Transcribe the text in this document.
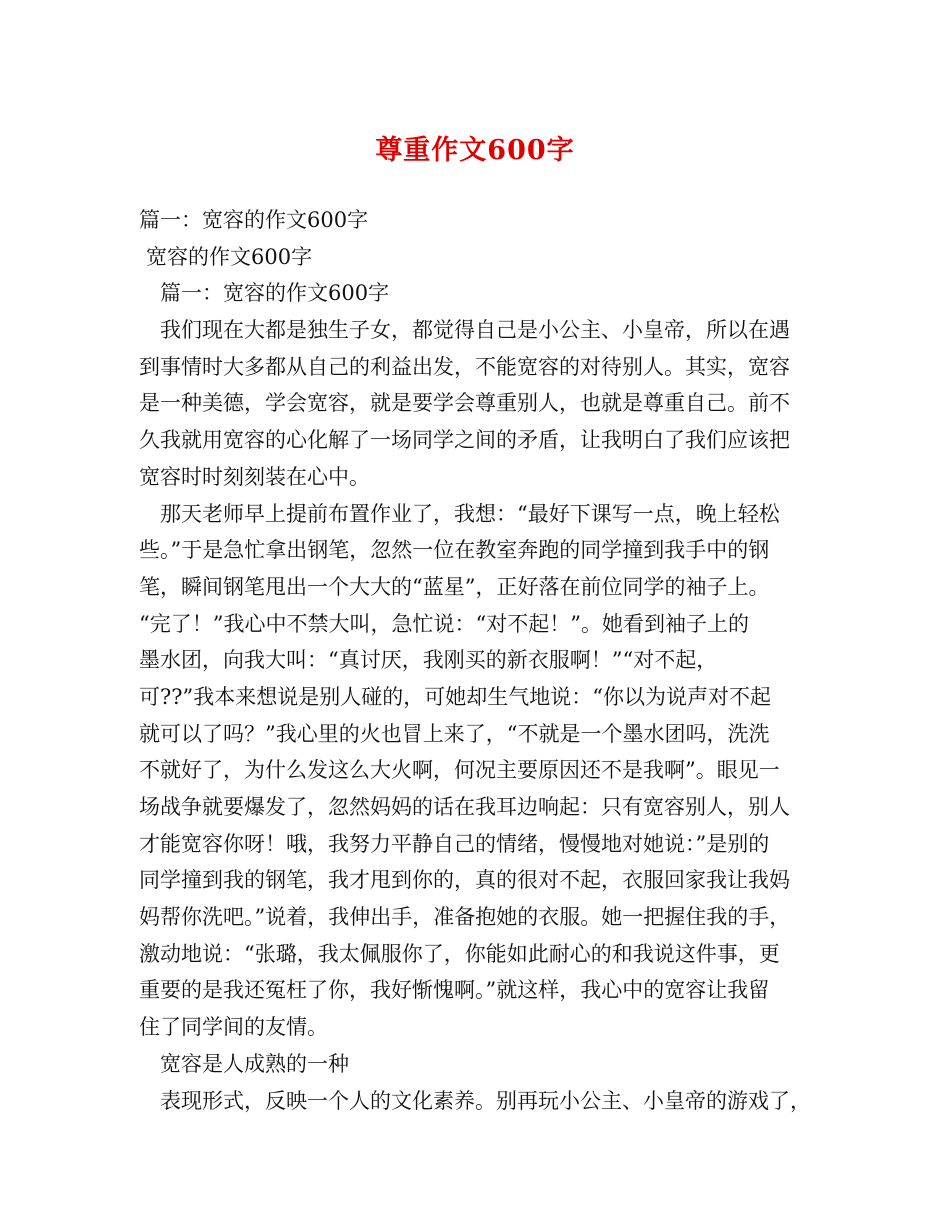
尊重作文600字

篇一：宽容的作文600字

宽容的作文600字

篇一：宽容的作文600字

我们现在大都是独生子女，都觉得自己是小公主、小皇帝，所以在遇

到事情时大多都从自己的利益出发，不能宽容的对待别人。其实，宽容

是一种美德，学会宽容，就是要学会尊重别人，也就是尊重自己。前不

久我就用宽容的心化解了一场同学之间的矛盾，让我明白了我们应该把

宽容时时刻刻装在心中。

那天老师早上提前布置作业了，我想：“最好下课写一点，晚上轻松

些。”于是急忙拿出钢笔，忽然一位在教室奔跑的同学撞到我手中的钢

笔，瞬间钢笔甩出一个大大的“蓝星”，正好落在前位同学的袖子上。

“完了！”我心中不禁大叫，急忙说：“对不起！”。她看到袖子上的

墨水团，向我大叫：“真讨厌，我刚买的新衣服啊！”“对不起，

可??”我本来想说是别人碰的，可她却生气地说：“你以为说声对不起

就可以了吗？”我心里的火也冒上来了，“不就是一个墨水团吗，洗洗

不就好了，为什么发这么大火啊，何况主要原因还不是我啊”。眼见一

场战争就要爆发了，忽然妈妈的话在我耳边响起：只有宽容别人，别人

才能宽容你呀！哦，我努力平静自己的情绪，慢慢地对她说：”是别的

同学撞到我的钢笔，我才甩到你的，真的很对不起，衣服回家我让我妈

妈帮你洗吧。”说着，我伸出手，准备抱她的衣服。她一把握住我的手，

激动地说：“张璐，我太佩服你了，你能如此耐心的和我说这件事，更

重要的是我还冤枉了你，我好惭愧啊。”就这样，我心中的宽容让我留

住了同学间的友情。

宽容是人成熟的一种

表现形式，反映一个人的文化素养。别再玩小公主、小皇帝的游戏了，
